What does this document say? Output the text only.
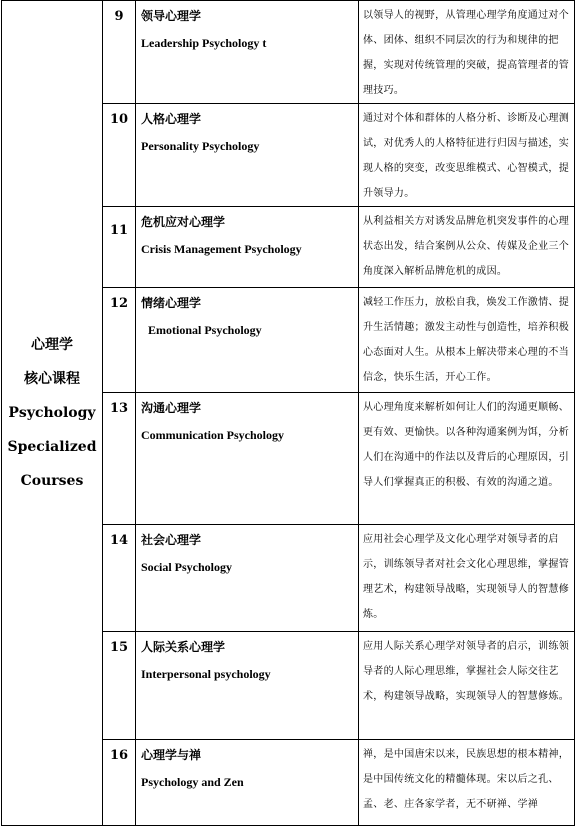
心理学
核心课程
Psychology
Specialized
Courses	9	领导心理学
Leadership Psychology t	以领导人的视野，从管理心理学角度通过对个体、团体、组织不同层次的行为和规律的把握，实现对传统管理的突破，提高管理者的管理技巧。

	10	人格心理学
Personality Psychology	通过对个体和群体的人格分析、诊断及心理测试，对优秀人的人格特征进行归因与描述，实现人格的突变，改变思维模式、心智模式，提升领导力。

	11	危机应对心理学
Crisis Management Psychology	从利益相关方对诱发品牌危机突发事件的心理状态出发，结合案例从公众、传媒及企业三个角度深入解析品牌危机的成因。

	12	情绪心理学
Emotional Psychology	减轻工作压力，放松自我，焕发工作激情、提升生活情趣；激发主动性与创造性，培养积极心态面对人生。从根本上解决带来心理的不当信念，快乐生活，开心工作。

	13	沟通心理学
Communication Psychology	从心理角度来解析如何让人们的沟通更顺畅、更有效、更愉快。以各种沟通案例为饵，分析人们在沟通中的作法以及背后的心理原因，引导人们掌握真正的积极、有效的沟通之道。

	14	社会心理学
Social Psychology	应用社会心理学及文化心理学对领导者的启示，训练领导者对社会文化心理思维，掌握管理艺术，构建领导战略，实现领导人的智慧修炼。

	15	人际关系心理学
Interpersonal psychology	应用人际关系心理学对领导者的启示，训练领导者的人际心理思维，掌握社会人际交往艺术，构建领导战略，实现领导人的智慧修炼。

	16	心理学与禅
Psychology and Zen	禅，是中国唐宋以来，民族思想的根本精神，是中国传统文化的精髓体现。宋以后之孔、孟、老、庄各家学者，无不研禅、学禅
